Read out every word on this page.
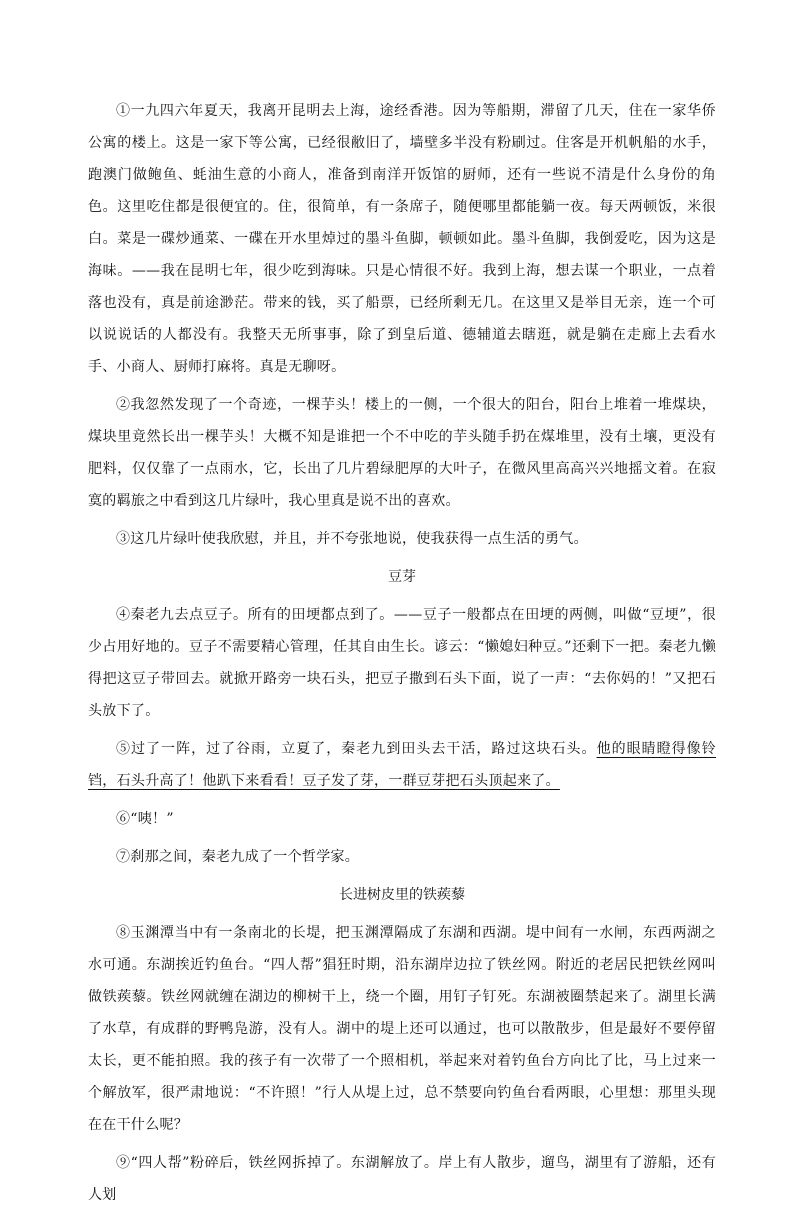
①一九四六年夏天，我离开昆明去上海，途经香港。因为等船期，滞留了几天，住在一家华侨公寓的楼上。这是一家下等公寓，已经很敝旧了，墙壁多半没有粉刷过。住客是开机帆船的水手，跑澳门做鲍鱼、蚝油生意的小商人，准备到南洋开饭馆的厨师，还有一些说不清是什么身份的角色。这里吃住都是很便宜的。住，很简单，有一条席子，随便哪里都能躺一夜。每天两顿饭，米很白。菜是一碟炒通菜、一碟在开水里焯过的墨斗鱼脚，顿顿如此。墨斗鱼脚，我倒爱吃，因为这是海味。——我在昆明七年，很少吃到海味。只是心情很不好。我到上海，想去谋一个职业，一点着落也没有，真是前途渺茫。带来的钱，买了船票，已经所剩无几。在这里又是举目无亲，连一个可以说说话的人都没有。我整天无所事事，除了到皇后道、德辅道去瞎逛，就是躺在走廊上去看水手、小商人、厨师打麻将。真是无聊呀。

②我忽然发现了一个奇迹，一棵芋头！楼上的一侧，一个很大的阳台，阳台上堆着一堆煤块，煤块里竟然长出一棵芋头！大概不知是谁把一个不中吃的芋头随手扔在煤堆里，没有土壤，更没有肥料，仅仅靠了一点雨水，它，长出了几片碧绿肥厚的大叶子，在微风里高高兴兴地摇文着。在寂寞的羁旅之中看到这几片绿叶，我心里真是说不出的喜欢。

③这几片绿叶使我欣慰，并且，并不夸张地说，使我获得一点生活的勇气。

豆芽

④秦老九去点豆子。所有的田埂都点到了。——豆子一般都点在田埂的两侧，叫做“豆埂”，很少占用好地的。豆子不需要精心管理，任其自由生长。谚云：“懒媳妇种豆。”还剩下一把。秦老九懒得把这豆子带回去。就掀开路旁一块石头，把豆子撒到石头下面，说了一声：“去你妈的！”又把石头放下了。

⑤过了一阵，过了谷雨，立夏了，秦老九到田头去干活，路过这块石头。他的眼睛瞪得像铃铛，石头升高了！他趴下来看看！豆子发了芽，一群豆芽把石头顶起来了。

⑥“咦！”

⑦刹那之间，秦老九成了一个哲学家。

长进树皮里的铁蒺藜

⑧玉渊潭当中有一条南北的长堤，把玉渊潭隔成了东湖和西湖。堤中间有一水闸，东西两湖之水可通。东湖挨近钓鱼台。“四人帮”猖狂时期，沿东湖岸边拉了铁丝网。附近的老居民把铁丝网叫做铁蒺藜。铁丝网就缠在湖边的柳树干上，绕一个圈，用钉子钉死。东湖被圈禁起来了。湖里长满了水草，有成群的野鸭凫游，没有人。湖中的堤上还可以通过，也可以散散步，但是最好不要停留太长，更不能拍照。我的孩子有一次带了一个照相机，举起来对着钓鱼台方向比了比，马上过来一个解放军，很严肃地说：“不许照！”行人从堤上过，总不禁要向钓鱼台看两眼，心里想：那里头现在在干什么呢？

⑨“四人帮”粉碎后，铁丝网拆掉了。东湖解放了。岸上有人散步，遛鸟，湖里有了游船，还有人划
